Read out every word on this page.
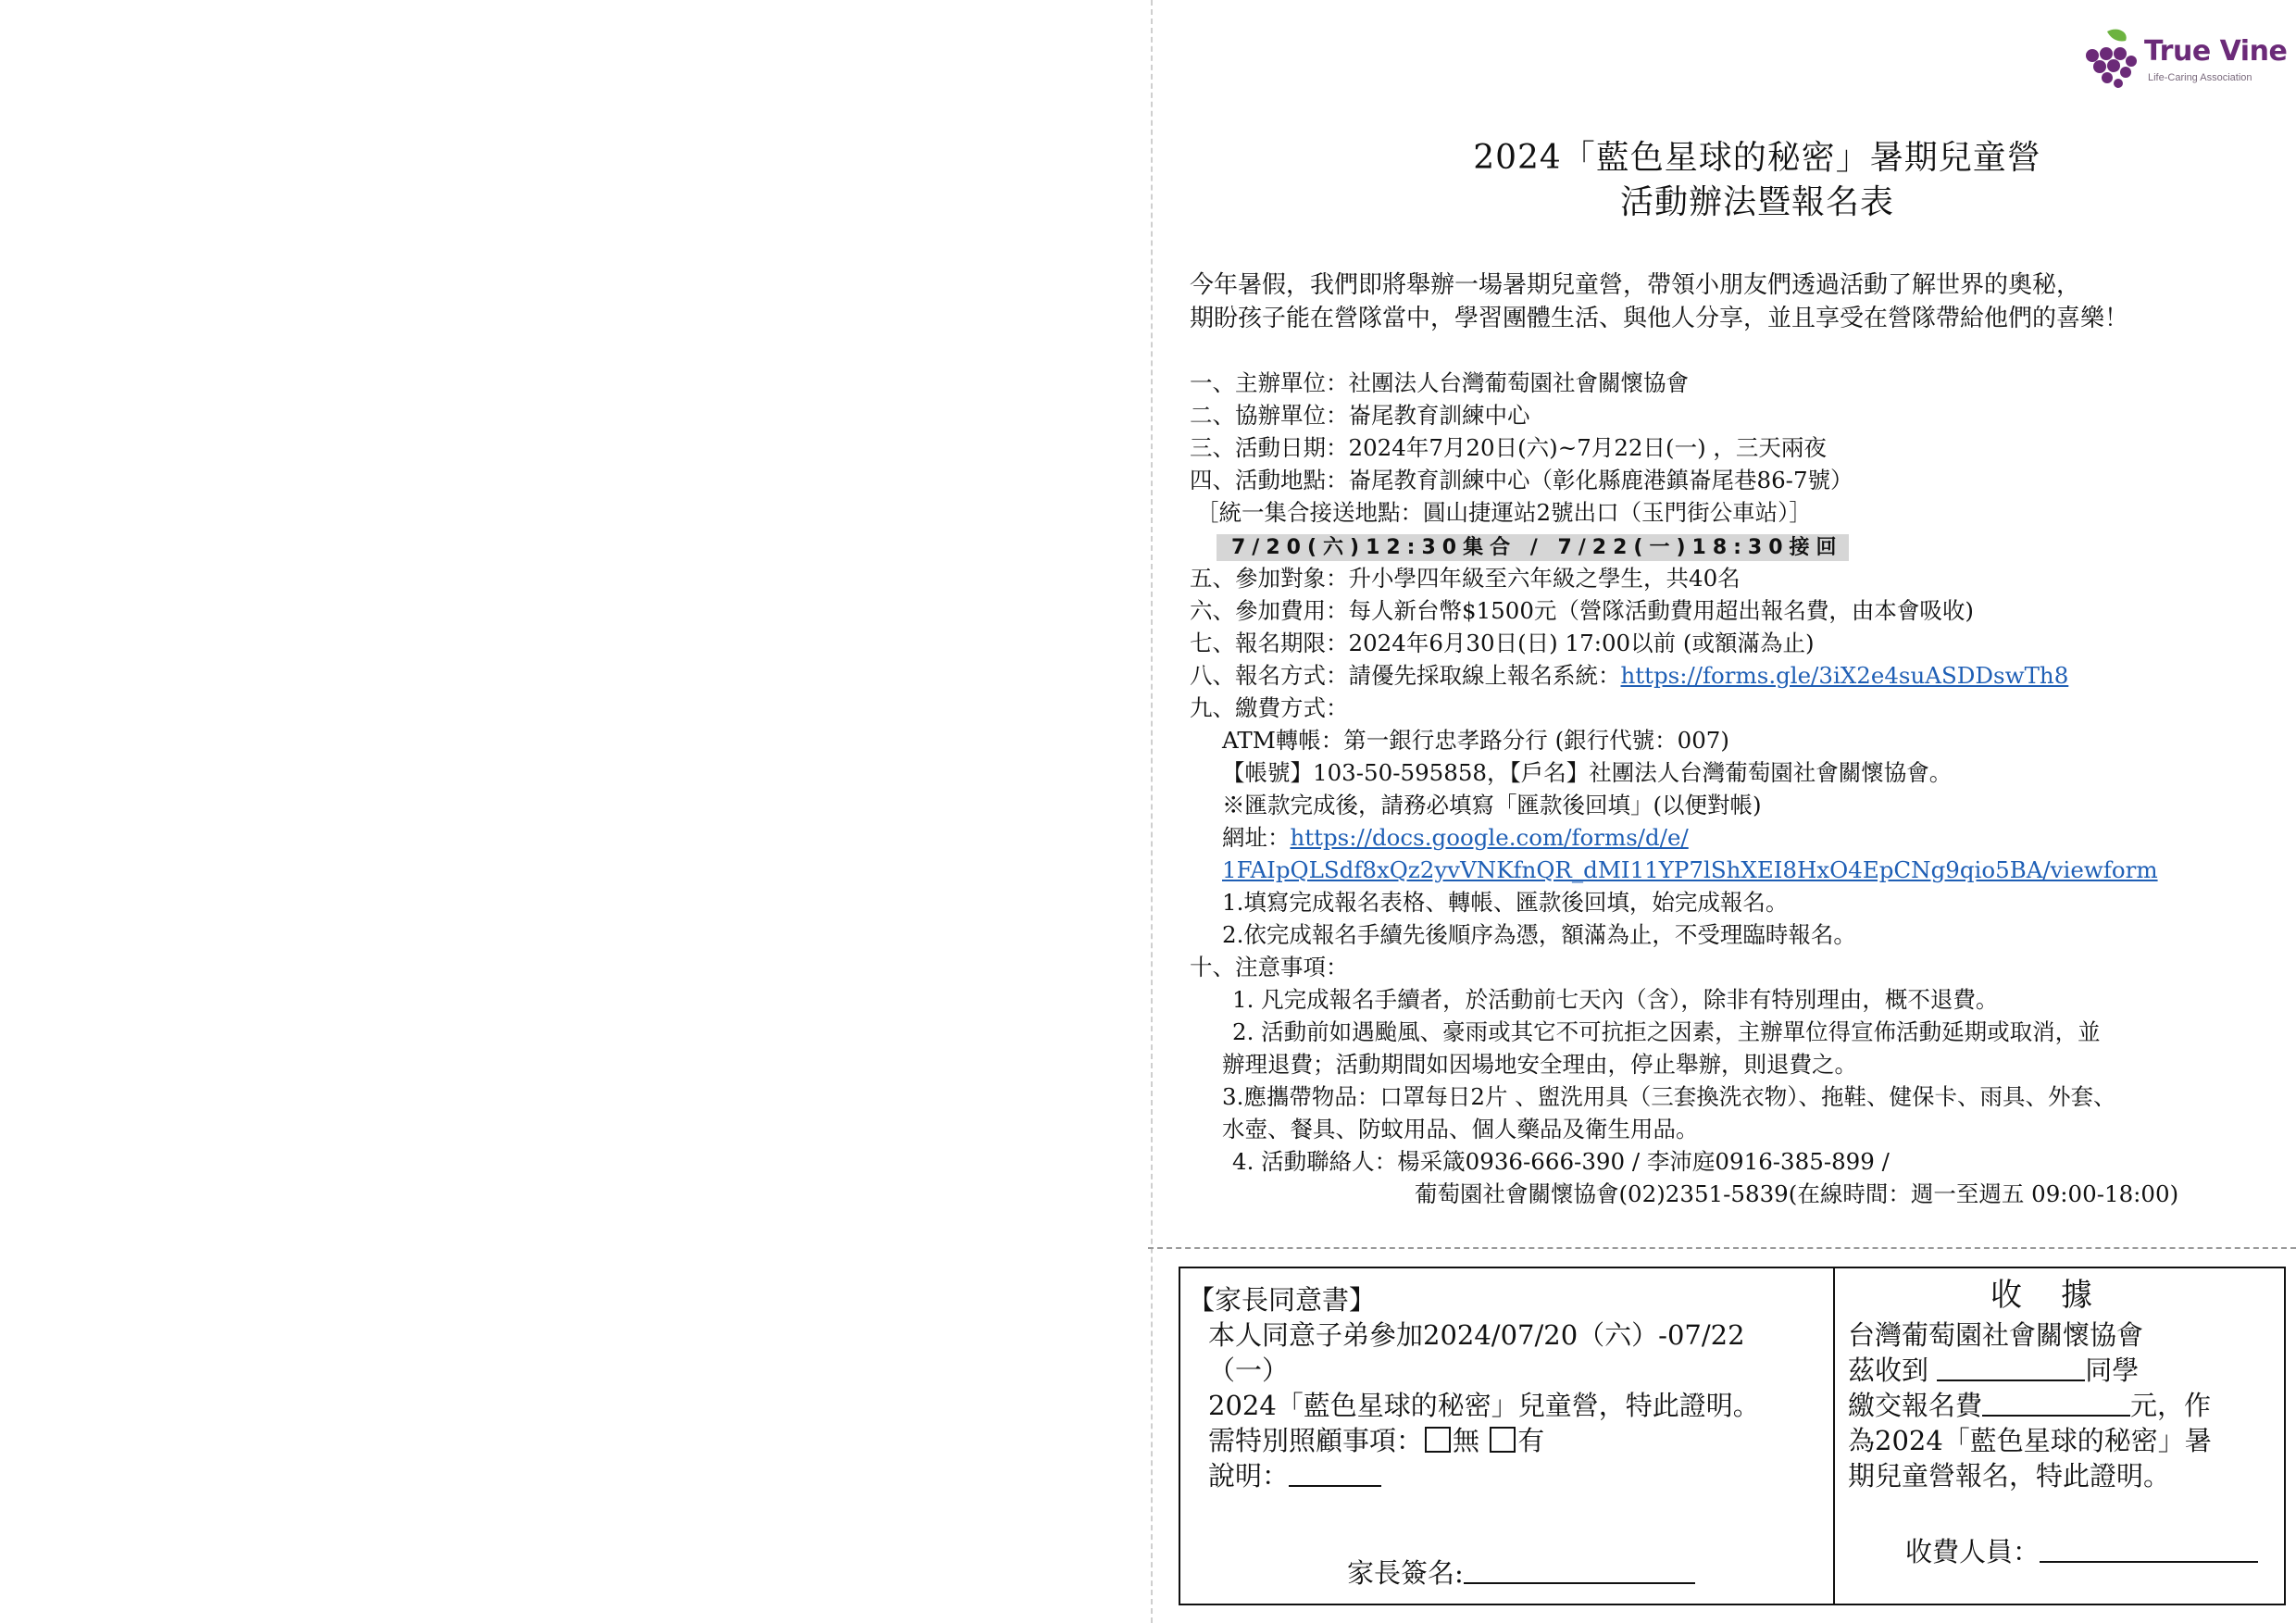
True Vine
Life-Caring Association
2024「藍色星球的秘密」暑期兒童營
活動辦法暨報名表
今年暑假，我們即將舉辦一場暑期兒童營，帶領小朋友們透過活動了解世界的奧秘，
期盼孩子能在營隊當中，學習團體生活、與他人分享，並且享受在營隊帶給他們的喜樂！
一、主辦單位：社團法人台灣葡萄園社會關懷協會
二、協辦單位：崙尾教育訓練中心
三、活動日期：2024年7月20日(六)~7月22日(一) ，三天兩夜
四、活動地點：崙尾教育訓練中心（彰化縣鹿港鎮崙尾巷86-7號）
［統一集合接送地點：圓山捷運站2號出口（玉門街公車站）］
7/20(六)12:30集合 / 7/22(一)18:30接回
五、參加對象：升小學四年級至六年級之學生，共40名
六、參加費用：每人新台幣$1500元（營隊活動費用超出報名費，由本會吸收)
七、報名期限：2024年6月30日(日) 17:00以前 (或額滿為止)
八、報名方式：請優先採取線上報名系統：https://forms.gle/3iX2e4suASDDswTh8
九、繳費方式：
ATM轉帳：第一銀行忠孝路分行 (銀行代號：007)
【帳號】103-50-595858，【戶名】社團法人台灣葡萄園社會關懷協會。
※匯款完成後，請務必填寫「匯款後回填」(以便對帳)
網址：https://docs.google.com/forms/d/e/
1FAIpQLSdf8xQz2yvVNKfnQR_dMI11YP7lShXEI8HxO4EpCNg9qio5BA/viewform
1.填寫完成報名表格、轉帳、匯款後回填，始完成報名。
2.依完成報名手續先後順序為憑，額滿為止，不受理臨時報名。
十、注意事項：
1. 凡完成報名手續者，於活動前七天內（含），除非有特別理由，概不退費。
2. 活動前如遇颱風、豪雨或其它不可抗拒之因素，主辦單位得宣佈活動延期或取消，並
辦理退費；活動期間如因場地安全理由，停止舉辦，則退費之。
3.應攜帶物品：口罩每日2片 、盥洗用具（三套換洗衣物）、拖鞋、健保卡、雨具、外套、
水壺、餐具、防蚊用品、個人藥品及衛生用品。
4. 活動聯絡人：楊采箴0936-666-390 / 李沛庭0916-385-899 /
葡萄園社會關懷協會(02)2351-5839(在線時間：週一至週五 09:00-18:00)
【家長同意書】
本人同意子弟參加2024/07/20（六）-07/22
（一）
2024「藍色星球的秘密」兒童營，特此證明。
需特別照顧事項： 無 有
說明：
家長簽名:
收　據
台灣葡萄園社會關懷協會
茲收到	同學
繳交報名費	元，作
為2024「藍色星球的秘密」暑
期兒童營報名，特此證明。
收費人員：
